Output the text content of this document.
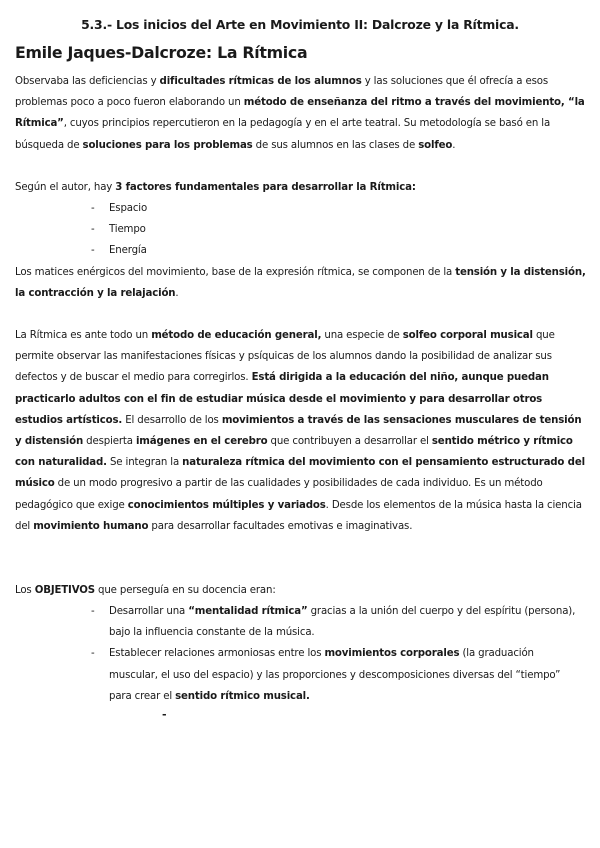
5.3.- Los inicios del Arte en Movimiento II: Dalcroze y la Rítmica.
Emile Jaques-Dalcroze: La Rítmica

Observaba las deficiencias y dificultades rítmicas de los alumnos y las soluciones que él ofrecía a esos problemas poco a poco fueron elaborando un método de enseñanza del ritmo a través del movimiento, “la Rítmica”, cuyos principios repercutieron en la pedagogía y en el arte teatral. Su metodología se basó en la búsqueda de soluciones para los problemas de sus alumnos en las clases de solfeo.

Según el autor, hay 3 factores fundamentales para desarrollar la Rítmica:

- Espacio
- Tiempo
- Energía

Los matices enérgicos del movimiento, base de la expresión rítmica, se componen de la tensión y la distensión, la contracción y la relajación.

La Rítmica es ante todo un método de educación general, una especie de solfeo corporal musical que permite observar las manifestaciones físicas y psíquicas de los alumnos dando la posibilidad de analizar sus defectos y de buscar el medio para corregirlos. Está dirigida a la educación del niño, aunque puedan practicarlo adultos con el fin de estudiar música desde el movimiento y para desarrollar otros estudios artísticos. El desarrollo de los movimientos a través de las sensaciones musculares de tensión y distensión despierta imágenes en el cerebro que contribuyen a desarrollar el sentido métrico y rítmico con naturalidad. Se integran la naturaleza rítmica del movimiento con el pensamiento estructurado del músico de un modo progresivo a partir de las cualidades y posibilidades de cada individuo. Es un método pedagógico que exige conocimientos múltiples y variados. Desde los elementos de la música hasta la ciencia del movimiento humano para desarrollar facultades emotivas e imaginativas.

Los OBJETIVOS que perseguía en su docencia eran:

- Desarrollar una “mentalidad rítmica” gracias a la unión del cuerpo y del espíritu (persona), bajo la influencia constante de la música.
- Establecer relaciones armoniosas entre los movimientos corporales (la graduación muscular, el uso del espacio) y las proporciones y descomposiciones diversas del “tiempo” para crear el sentido rítmico musical.
-
